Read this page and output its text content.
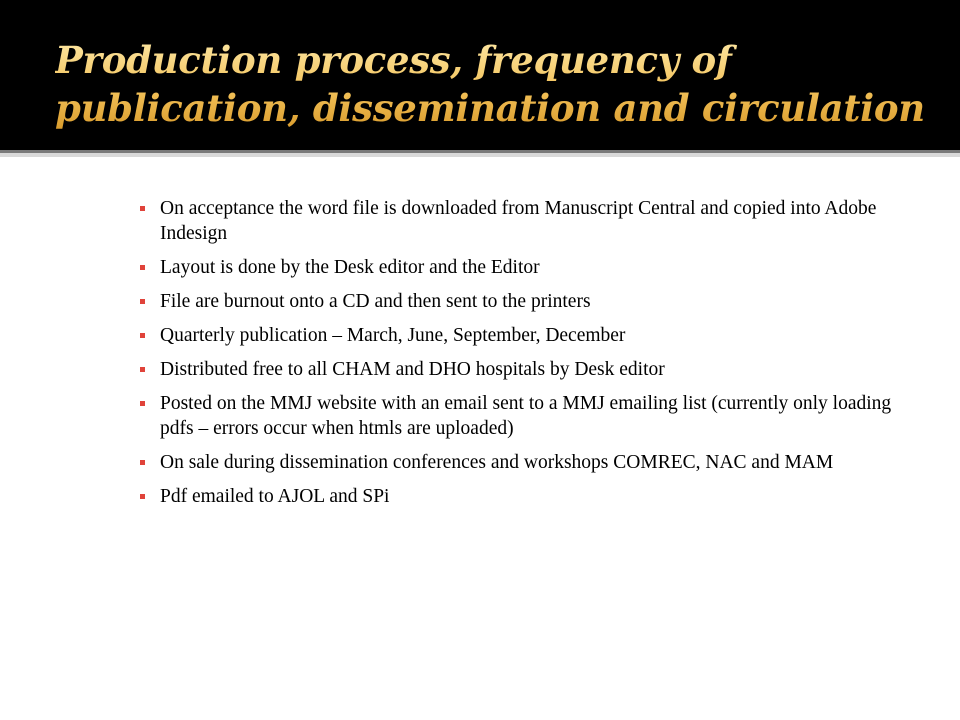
Production process, frequency of
publication, dissemination and circulation
On acceptance the word file is downloaded from Manuscript Central and copied into Adobe Indesign
Layout is done by the Desk editor and the Editor
File are burnout onto a CD and then sent to the printers
Quarterly publication – March, June, September, December
Distributed free to all CHAM and DHO hospitals by Desk editor
Posted on the MMJ website with an email sent to a MMJ emailing list (currently only loading pdfs – errors occur when htmls are uploaded)
On sale during dissemination conferences and workshops COMREC, NAC and MAM
Pdf emailed to AJOL and SPi
